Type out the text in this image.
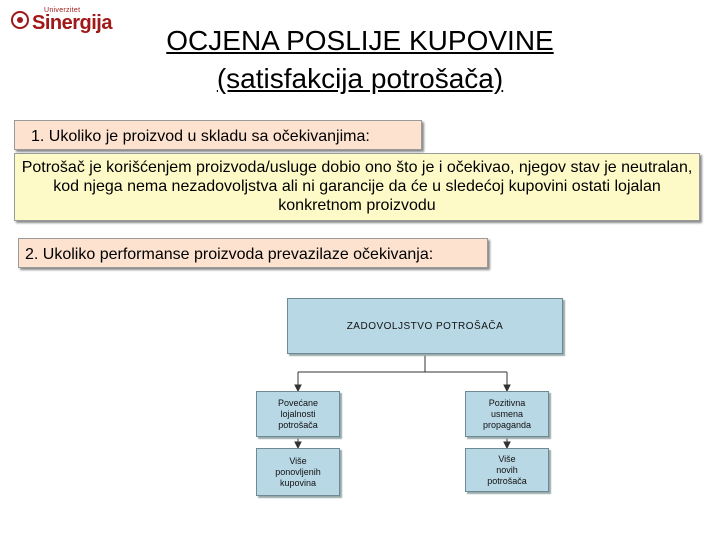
Univerzitet
Sinergija
OCJENA POSLIJE KUPOVINE
(satisfakcija potrošača)
1. Ukoliko je proizvod u skladu sa očekivanjima:
Potrošač je korišćenjem proizvoda/usluge dobio ono što je i očekivao, njegov stav je neutralan, kod njega nema nezadovoljstva ali ni garancije da će u sledećoj kupovini ostati lojalan konkretnom proizvodu
2. Ukoliko performanse proizvoda prevazilaze očekivanja:
ZADOVOLJSTVO POTROŠAČA
Povećane
lojalnosti
potrošača
Više
ponovljenih
kupovina
Pozitivna
usmena
propaganda
Više
novih
potrošača
